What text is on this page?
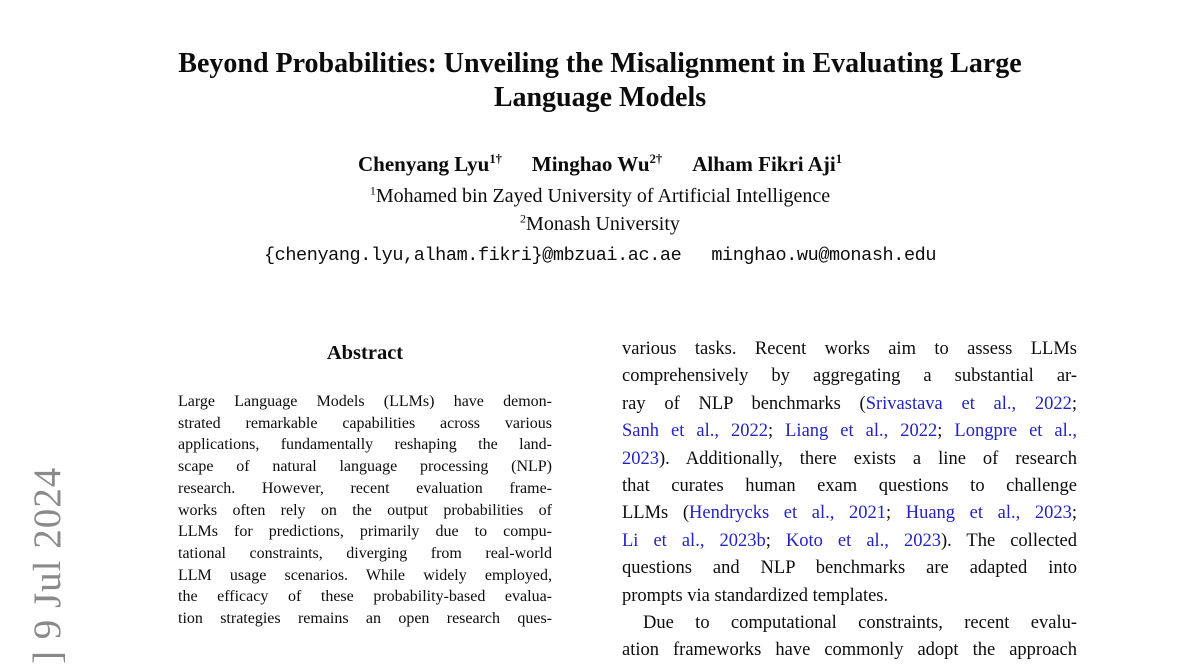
] 9 Jul 2024
Beyond Probabilities: Unveiling the Misalignment in Evaluating Large
Language Models
Chenyang Lyu$^{1\dagger}$ Minghao $Wu^{2\dagger}$ Alham Fikri Aji$^1$
$^1$Mohamed bin Zayed University of Artificial Intelligence
$^2$Monash University
{chenyang.lyu,alham.fikri}@mbzuai.ac.ae minghao.wu@monash.edu
Abstract
Large Language Models (LLMs) have demon-
strated remarkable capabilities across various
applications, fundamentally reshaping the land-
scape of natural language processing (NLP)
research. However, recent evaluation frame-
works often rely on the output probabilities of
LLMs for predictions, primarily due to compu-
tational constraints, diverging from real-world
LLM usage scenarios. While widely employed,
the efficacy of these probability-based evalua-
tion strategies remains an open research ques-
various tasks. Recent works aim to assess LLMs
comprehensively by aggregating a substantial ar-
ray of NLP benchmarks (Srivastava et al., 2022;
Sanh et al., 2022; Liang et al., 2022; Longpre et al.,
2023). Additionally, there exists a line of research
that curates human exam questions to challenge
LLMs (Hendrycks et al., 2021; Huang et al., 2023;
Li et al., 2023b; Koto et al., 2023). The collected
questions and NLP benchmarks are adapted into
prompts via standardized templates.
Due to computational constraints, recent evalu-
ation frameworks have commonly adopt the approach
